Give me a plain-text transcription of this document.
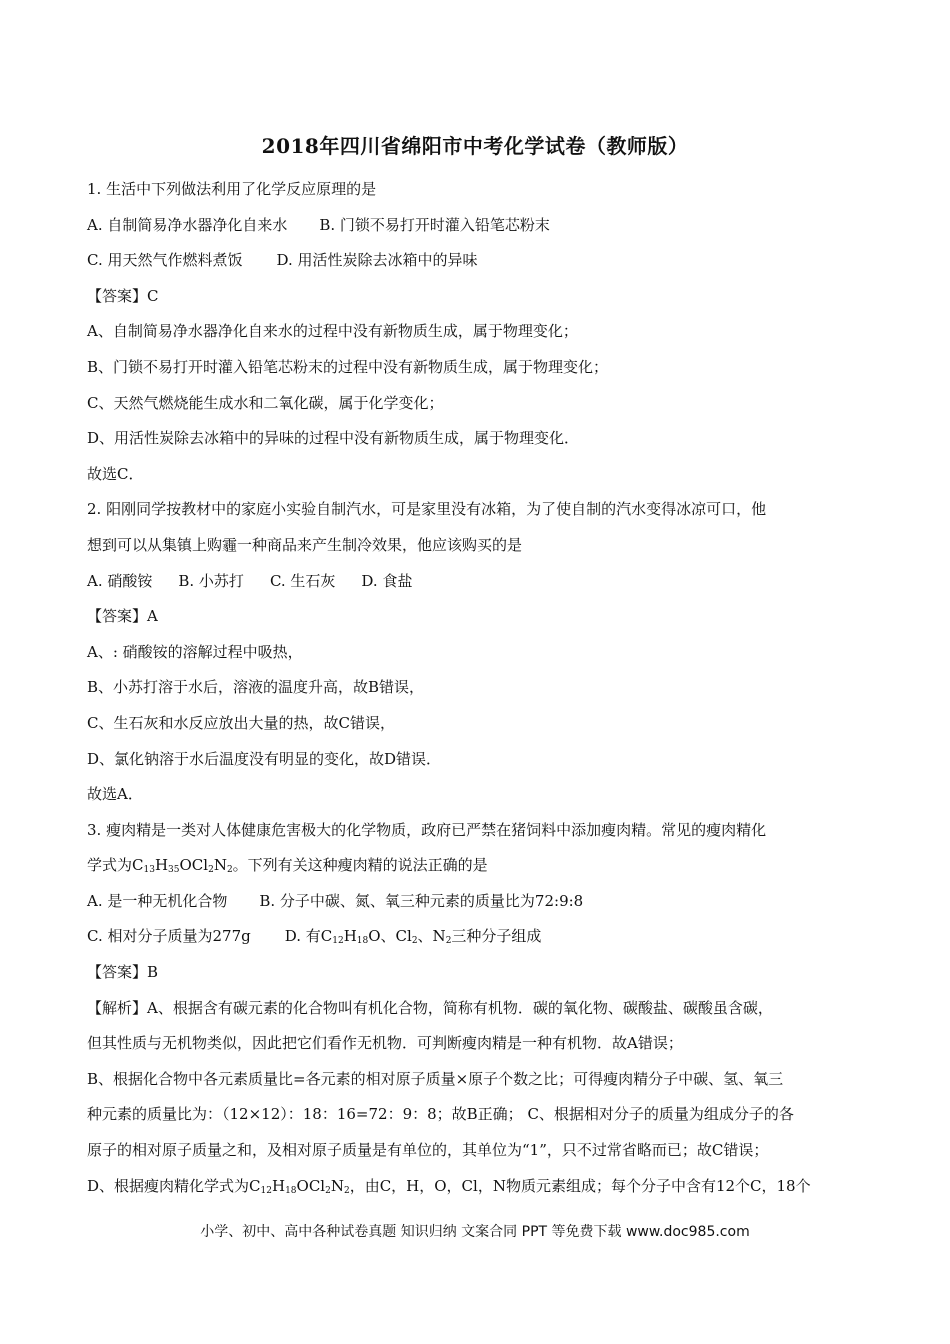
2018年四川省绵阳市中考化学试卷（教师版）
1. 生活中下列做法利用了化学反应原理的是
A. 自制简易净水器净化自来水 B. 门锁不易打开时灌入铅笔芯粉末
C. 用天然气作燃料煮饭 D. 用活性炭除去冰箱中的异味
【答案】C
A、自制简易净水器净化自来水的过程中没有新物质生成，属于物理变化；
B、门锁不易打开时灌入铅笔芯粉末的过程中没有新物质生成，属于物理变化；
C、天然气燃烧能生成水和二氧化碳，属于化学变化；
D、用活性炭除去冰箱中的异味的过程中没有新物质生成，属于物理变化．
故选C．
2. 阳刚同学按教材中的家庭小实验自制汽水，可是家里没有冰箱，为了使自制的汽水变得冰凉可口，他
想到可以从集镇上购霾一种商品来产生制冷效果，他应该购买的是
A. 硝酸铵 B. 小苏打 C. 生石灰 D. 食盐
【答案】A
A、: 硝酸铵的溶解过程中吸热，
B、小苏打溶于水后，溶液的温度升高，故B错误，
C、生石灰和水反应放出大量的热，故C错误，
D、氯化钠溶于水后温度没有明显的变化，故D错误．
故选A．
3. 瘦肉精是一类对人体健康危害极大的化学物质，政府已严禁在猪饲料中添加瘦肉精。常见的瘦肉精化
学式为$C_{13}H_{35}OCl_2N_2$。下列有关这种瘦肉精的说法正确的是
A. 是一种无机化合物 B. 分子中碳、氮、氧三种元素的质量比为72:9:8
C. 相对分子质量为277g D. 有$C_{12}H_{18}O$、$Cl_2$、$N_2$三种分子组成
【答案】B
【解析】A、根据含有碳元素的化合物叫有机化合物，简称有机物．碳的氧化物、碳酸盐、碳酸虽含碳，
但其性质与无机物类似，因此把它们看作无机物．可判断瘦肉精是一种有机物．故A错误；
B、根据化合物中各元素质量比=各元素的相对原子质量×原子个数之比；可得瘦肉精分子中碳、氢、氧三
种元素的质量比为：（12×12）：18：16=72：9：8；故B正确； C、根据相对分子的质量为组成分子的各
原子的相对原子质量之和，及相对原子质量是有单位的，其单位为“1”，只不过常省略而已；故C错误；
D、根据瘦肉精化学式为$C_{12}H_{18}OCl_2N_2$，由C，H，O，Cl，N物质元素组成；每个分子中含有12个C，18个
小学、初中、高中各种试卷真题 知识归纳 文案合同 PPT 等免费下载 www.doc985.com
